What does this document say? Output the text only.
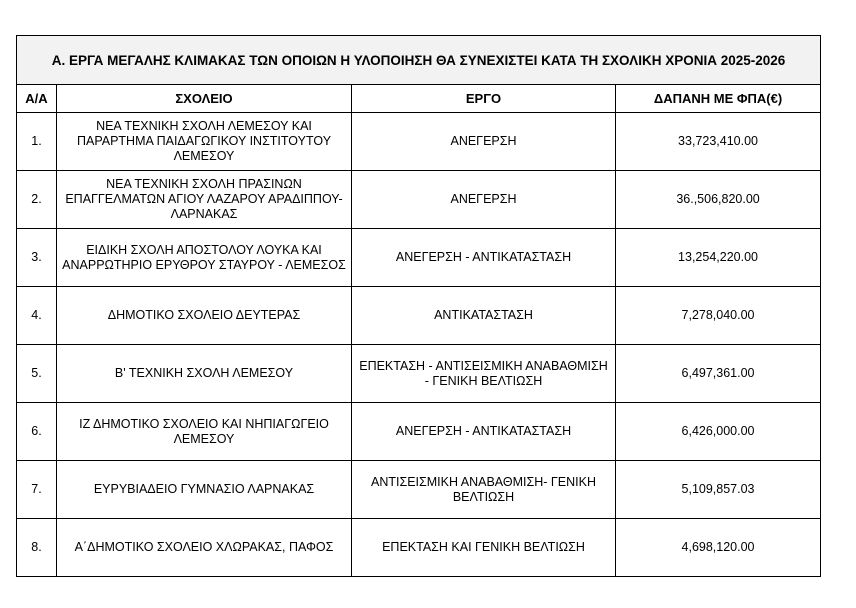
Α. ΕΡΓΑ ΜΕΓΑΛΗΣ ΚΛΙΜΑΚΑΣ ΤΩΝ ΟΠΟΙΩΝ Η ΥΛΟΠΟΙΗΣΗ ΘΑ ΣΥΝΕΧΙΣΤΕΙ ΚΑΤΑ ΤΗ ΣΧΟΛΙΚΗ ΧΡΟΝΙΑ 2025-2026			
Α/Α	ΣΧΟΛΕΙΟ	ΕΡΓΟ	ΔΑΠΑΝΗ ΜΕ ΦΠΑ(€)
1.	ΝΕΑ ΤΕΧΝΙΚΗ ΣΧΟΛΗ ΛΕΜΕΣΟΥ ΚΑΙ ΠΑΡΑΡΤΗΜΑ ΠΑΙΔΑΓΩΓΙΚΟΥ ΙΝΣΤΙΤΟΥΤΟΥ ΛΕΜΕΣΟΥ	ΑΝΕΓΕΡΣΗ	33,723,410.00
2.	ΝΕΑ ΤΕΧΝΙΚΗ ΣΧΟΛΗ ΠΡΑΣΙΝΩΝ ΕΠΑΓΓΕΛΜΑΤΩΝ ΑΓΙΟΥ ΛΑΖΑΡΟΥ ΑΡΑΔΙΠΠΟΥ- ΛΑΡΝΑΚΑΣ	ΑΝΕΓΕΡΣΗ	36.,506,820.00
3.	ΕΙΔΙΚΗ ΣΧΟΛΗ ΑΠΟΣΤΟΛΟΥ ΛΟΥΚΑ ΚΑΙ ΑΝΑΡΡΩΤΗΡΙΟ ΕΡΥΘΡΟΥ ΣΤΑΥΡΟΥ - ΛΕΜΕΣΟΣ	ΑΝΕΓΕΡΣΗ - ΑΝΤΙΚΑΤΑΣΤΑΣΗ	13,254,220.00
4.	ΔΗΜΟΤΙΚΟ ΣΧΟΛΕΙΟ ΔΕΥΤΕΡΑΣ	ΑΝΤΙΚΑΤΑΣΤΑΣΗ	7,278,040.00
5.	Β' ΤΕΧΝΙΚΗ ΣΧΟΛΗ ΛΕΜΕΣΟΥ	ΕΠΕΚΤΑΣΗ - ΑΝΤΙΣΕΙΣΜΙΚΗ ΑΝΑΒΑΘΜΙΣΗ - ΓΕΝΙΚΗ ΒΕΛΤΙΩΣΗ	6,497,361.00
6.	ΙΖ ΔΗΜΟΤΙΚΟ ΣΧΟΛΕΙΟ ΚΑΙ ΝΗΠΙΑΓΩΓΕΙΟ ΛΕΜΕΣΟΥ	ΑΝΕΓΕΡΣΗ - ΑΝΤΙΚΑΤΑΣΤΑΣΗ	6,426,000.00
7.	ΕΥΡΥΒΙΑΔΕΙΟ ΓΥΜΝΑΣΙΟ ΛΑΡΝΑΚΑΣ	ΑΝΤΙΣΕΙΣΜΙΚΗ ΑΝΑΒΑΘΜΙΣΗ- ΓΕΝΙΚΗ ΒΕΛΤΙΩΣΗ	5,109,857.03
8.	Α΄ΔΗΜΟΤΙΚΟ ΣΧΟΛΕΙΟ ΧΛΩΡΑΚΑΣ, ΠΑΦΟΣ	ΕΠΕΚΤΑΣΗ ΚΑΙ ΓΕΝΙΚΗ ΒΕΛΤΙΩΣΗ	4,698,120.00
